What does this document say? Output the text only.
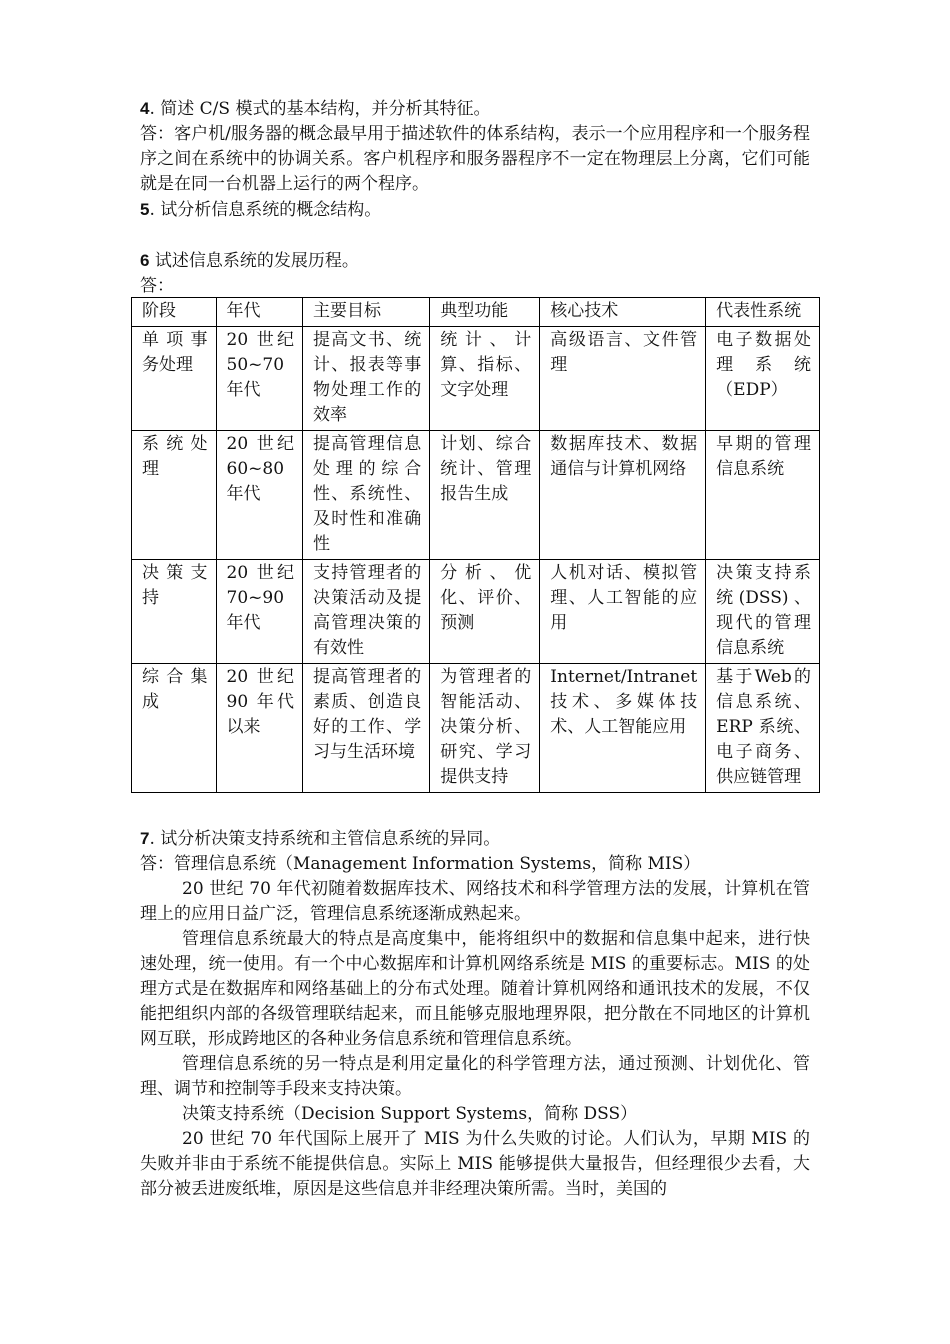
4. 简述 C/S 模式的基本结构，并分析其特征。
答：客户机/服务器的概念最早用于描述软件的体系结构，表示一个应用程序和一个服务程序之间在系统中的协调关系。客户机程序和服务器程序不一定在物理层上分离，它们可能就是在同一台机器上运行的两个程序。
5. 试分析信息系统的概念结构。
6 试述信息系统的发展历程。
答：
阶段	年代	主要目标	典型功能	核心技术	代表性系统
单项事务处理	20 世纪 50~70 年代	提高文书、统计、报表等事物处理工作的效率	统计、计算、指标、文字处理	高级语言、文件管理	电子数据处理系统（EDP）
系统处理	20 世纪 60~80 年代	提高管理信息处理的综合性、系统性、及时性和准确性	计划、综合统计、管理报告生成	数据库技术、数据通信与计算机网络	早期的管理信息系统
决策支持	20 世纪 70~90 年代	支持管理者的决策活动及提高管理决策的有效性	分析、优化、评价、预测	人机对话、模拟管理、人工智能的应用	决策支持系统(DSS)、现代的管理信息系统
综合集成	20 世纪 90 年代以来	提高管理者的素质、创造良好的工作、学习与生活环境	为管理者的智能活动、决策分析、研究、学习提供支持	Internet/Intranet 技术、多媒体技术、人工智能应用	基于Web的信息系统、ERP 系统、电子商务、供应链管理
7. 试分析决策支持系统和主管信息系统的异同。
答：管理信息系统（Management Information Systems，简称 MIS）
20 世纪 70 年代初随着数据库技术、网络技术和科学管理方法的发展，计算机在管理上的应用日益广泛，管理信息系统逐渐成熟起来。
管理信息系统最大的特点是高度集中，能将组织中的数据和信息集中起来，进行快速处理，统一使用。有一个中心数据库和计算机网络系统是 MIS 的重要标志。MIS 的处理方式是在数据库和网络基础上的分布式处理。随着计算机网络和通讯技术的发展，不仅能把组织内部的各级管理联结起来，而且能够克服地理界限，把分散在不同地区的计算机网互联，形成跨地区的各种业务信息系统和管理信息系统。
管理信息系统的另一特点是利用定量化的科学管理方法，通过预测、计划优化、管理、调节和控制等手段来支持决策。
决策支持系统（Decision Support Systems，简称 DSS）
20 世纪 70 年代国际上展开了 MIS 为什么失败的讨论。人们认为，早期 MIS 的失败并非由于系统不能提供信息。实际上 MIS 能够提供大量报告，但经理很少去看，大部分被丢进废纸堆，原因是这些信息并非经理决策所需。当时，美国的
